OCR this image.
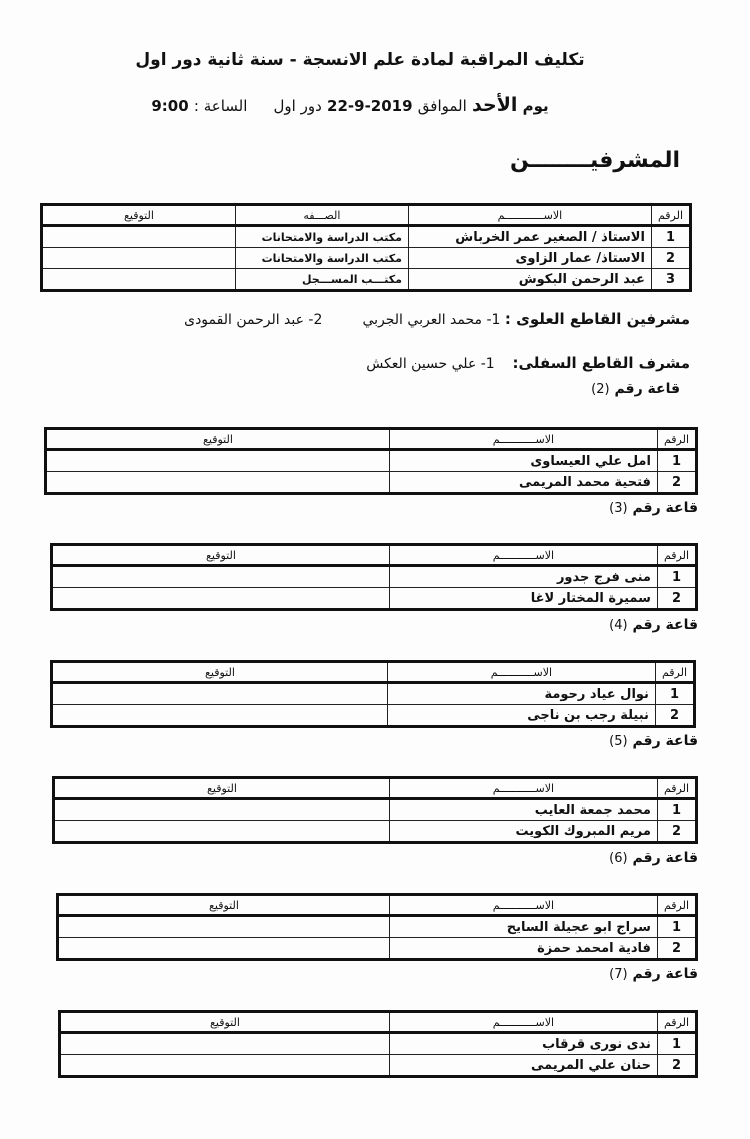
تكليف المراقبة لمادة علم الانسجة - سنة ثانية دور اول
يوم الأحد الموافق 2019-9-22 دور اول     الساعة : 9:00
المشرفيــــــــن
الرقم	الاســــــــــــم	الصـــفه	التوقيع
1	الاستاذ / الصغير عمر الخرباش	مكتب الدراسة والامتحانات	
2	الاستاذ/ عمار الزاوى	مكتب الدراسة والامتحانات	
3	عبد الرحمن البكوش	مكتـــب المســـجل	
مشرفين القاطع العلوى : 1- محمد العربي الجربي         2- عبد الرحمن القمودى
مشرف القاطع السفلى:    1- علي حسين العكش
قاعة رقم (2)
الرقم	الاســـــــــــم	التوقيع
1	امل علي العيساوى	
2	فتحية محمد المريمى	
قاعة رقم (3)
الرقم	الاســـــــــــم	التوقيع
1	منى فرج جدور	
2	سميرة المختار لاغا	
قاعة رقم (4)
الرقم	الاســـــــــــم	التوقيع
1	نوال عياد رحومة	
2	نبيلة رجب بن ناجى	
قاعة رقم (5)
الرقم	الاســـــــــــم	التوقيع
1	محمد جمعة العايب	
2	مريم المبروك الكويت	
قاعة رقم (6)
الرقم	الاســـــــــــم	التوقيع
1	سراج ابو عجيلة السايح	
2	فادية امحمد حمزة	
قاعة رقم (7)
الرقم	الاســـــــــــم	التوقيع
1	ندى نورى قرقاب	
2	حنان علي المريمى	
